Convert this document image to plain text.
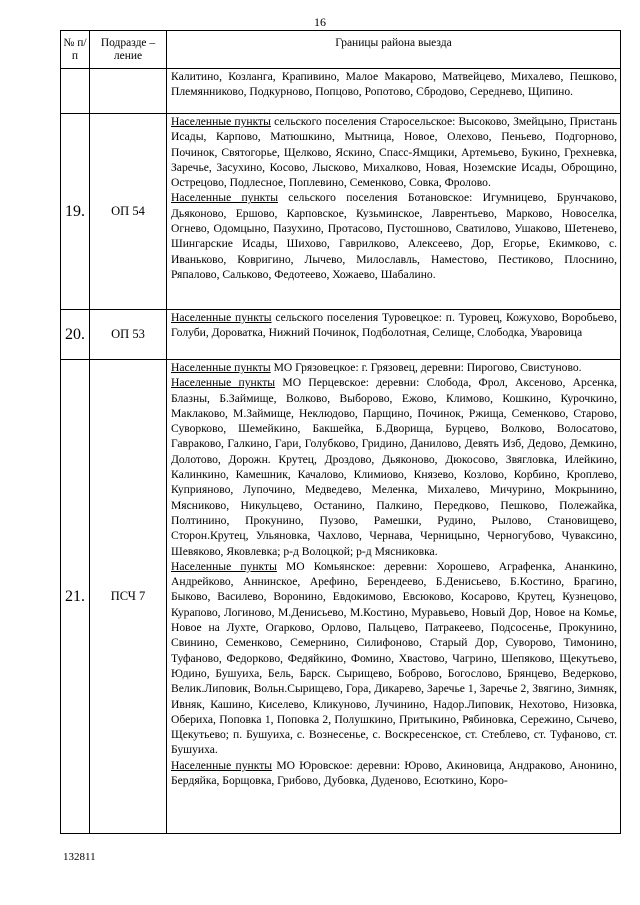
16
№ п/п	Подразде – ление	Границы района выезда

		Калитино, Козланга, Крапивино, Малое Макарово, Матвейцево, Михалево, Пешково, Племянниково, Подкурново, Попцово, Ропотово, Сбродово, Середнево, Щипино.

19.	ОП 54	Населенные пункты сельского поселения Старосельское: Высоково, Змейцыно, Пристань Исады, Карпово, Матюшкино, Мытница, Новое, Олехово, Пеньево, Подгорново, Починок, Святогорье, Щелково, Яскино, Спасс-Ямщики, Артемьево, Букино, Грехневка, Заречье, Засухино, Косово, Лысково, Михалково, Новая, Ноземские Исады, Оброщино, Острецово, Подлесное, Поплевино, Семенково, Совка, Фролово.
Населенные пункты сельского поселения Ботановское: Игумницево, Брунчаково, Дьяконово, Ершово, Карповское, Кузьминское, Лаврентьево, Марково, Новоселка, Огнево, Одомцыно, Пазухино, Протасово, Пустошново, Сватилово, Ушаково, Шетенево, Шингарские Исады, Шихово, Гаврилково, Алексеево, Дор, Егорье, Екимково, с. Иваньково, Ковригино, Лычево, Милославль, Наместово, Пестиково, Плоснино, Ряпалово, Сальково, Федотеево, Хожаево, Шабалино.

20.	ОП 53	Населенные пункты сельского поселения Туровецкое: п. Туровец, Кожухово, Воробьево, Голуби, Дороватка, Нижний Починок, Подболотная, Селище, Слободка, Уваровица

21.	ПСЧ 7	Населенные пункты МО Грязовецкое: г. Грязовец, деревни: Пирогово, Свистуново.
Населенные пункты МО Перцевское: деревни: Слобода, Фрол, Аксеново, Арсенка, Блазны, Б.Займище, Волково, Выборово, Ежово, Климово, Кошкино, Курочкино, Маклаково, М.Займище, Неклюдово, Парщино, Починок, Ржища, Семенково, Старово, Суворково, Шемейкино, Бакшейка, Б.Дворища, Бурцево, Волково, Волосатово, Гавраково, Галкино, Гари, Голубково, Гридино, Данилово, Девять Изб, Дедово, Демкино, Долотово, Дорожн. Крутец, Дроздово, Дьяконово, Дюкосово, Звягловка, Илейкино, Калинкино, Камешник, Качалово, Климиово, Князево, Козлово, Корбино, Кроплево, Куприяново, Лупочино, Медведево, Меленка, Михалево, Мичурино, Мокрынино, Мясниково, Никульцево, Останино, Палкино, Передково, Пешково, Полежайка, Полтинино, Прокунино, Пузово, Рамешки, Рудино, Рылово, Становищево, Сторон.Крутец, Ульяновка, Чахлово, Чернава, Черницыно, Черногубово, Чуваксино, Шевяково, Яковлевка; р-д Волоцкой; р-д Мясниковка.
Населенные пункты МО Комьянское: деревни: Хорошево, Аграфенка, Ананкино, Андрейково, Аннинское, Арефино, Берендеево, Б.Денисьево, Б.Костино, Брагино, Быково, Василево, Воронино, Евдокимово, Евсюково, Косарово, Крутец, Кузнецово, Курапово, Логиново, М.Денисьево, М.Костино, Муравьево, Новый Дор, Новое на Комье, Новое на Лухте, Огарково, Орлово, Пальцево, Патракеево, Подсосенье, Прокунино, Свинино, Семенково, Семернино, Силифоново, Старый Дор, Суворово, Тимонино, Туфаново, Федорково, Федяйкино, Фомино, Хвастово, Чагрино, Шепяково, Щекутьево, Юдино, Бушуиха, Бель, Барск. Сырищево, Боброво, Богослово, Брянцево, Ведерково, Велик.Липовик, Вольн.Сырищево, Гора, Дикарево, Заречье 1, Заречье 2, Звягино, Зимняк, Ивняк, Кашино, Киселево, Кликуново, Лучинино, Надор.Липовик, Нехотово, Низовка, Обериха, Поповка 1, Поповка 2, Полушкино, Притыкино, Рябиновка, Сережино, Сычево, Щекутьево; п. Бушуиха, с. Вознесенье, с. Воскресенское, ст. Стеблево, ст. Туфаново, ст. Бушуиха.
Населенные пункты МО Юровское: деревни: Юрово, Акиновица, Андраково, Анонино, Бердяйка, Борщовка, Грибово, Дубовка, Дуденово, Есюткино, Коро-
132811
